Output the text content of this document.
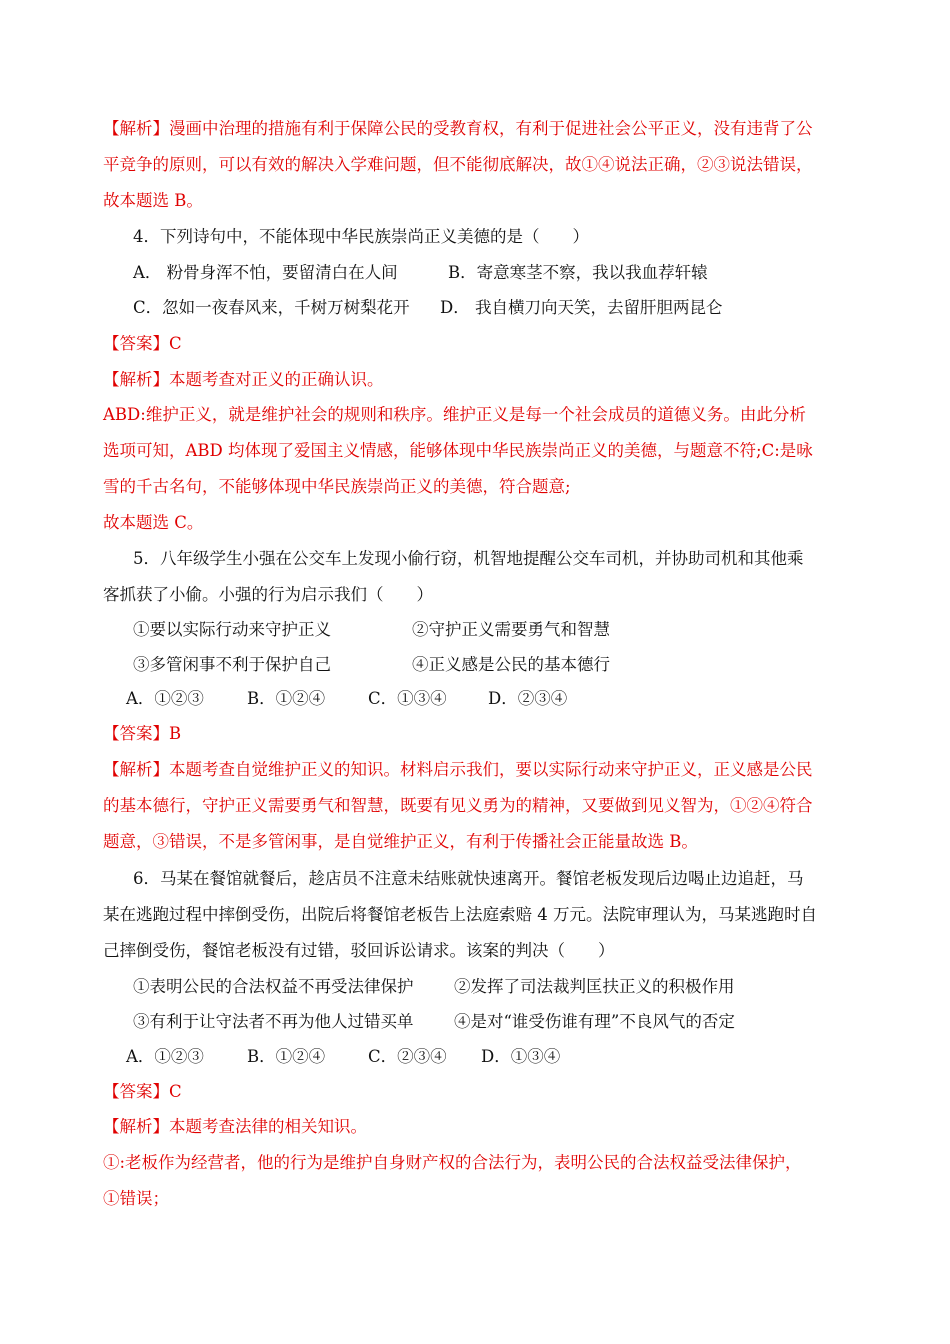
【解析】漫画中治理的措施有利于保障公民的受教育权，有利于促进社会公平正义，没有违背了公
平竞争的原则，可以有效的解决入学难问题，但不能彻底解决，故①④说法正确，②③说法错误，
故本题选 B。
4．下列诗句中，不能体现中华民族崇尚正义美德的是（　　）
A． 粉骨身浑不怕，要留清白在人间	B．寄意寒茎不察，我以我血荐轩辕
C．忽如一夜春风来，千树万树梨花开 D． 我自横刀向天笑，去留肝胆两昆仑
【答案】C
【解析】本题考查对正义的正确认识。
ABD:维护正义，就是维护社会的规则和秩序。维护正义是每一个社会成员的道德义务。由此分析
选项可知，ABD 均体现了爱国主义情感，能够体现中华民族崇尚正义的美德，与题意不符;C:是咏
雪的千古名句，不能够体现中华民族崇尚正义的美德，符合题意;
故本题选 C。
5．八年级学生小强在公交车上发现小偷行窃，机智地提醒公交车司机，并协助司机和其他乘
客抓获了小偷。小强的行为启示我们（　　）
①要以实际行动来守护正义	②守护正义需要勇气和智慧
③多管闲事不利于保护自己	④正义感是公民的基本德行
A．①②③	B．①②④	C．①③④	D．②③④
【答案】B
【解析】本题考查自觉维护正义的知识。材料启示我们，要以实际行动来守护正义，正义感是公民
的基本德行，守护正义需要勇气和智慧，既要有见义勇为的精神，又要做到见义智为，①②④符合
题意，③错误，不是多管闲事，是自觉维护正义，有利于传播社会正能量故选 B。
6．马某在餐馆就餐后，趁店员不注意未结账就快速离开。餐馆老板发现后边喝止边追赶，马
某在逃跑过程中摔倒受伤，出院后将餐馆老板告上法庭索赔 4 万元。法院审理认为，马某逃跑时自
己摔倒受伤，餐馆老板没有过错，驳回诉讼请求。该案的判决（　　）
①表明公民的合法权益不再受法律保护 ②发挥了司法裁判匡扶正义的积极作用
③有利于让守法者不再为他人过错买单 ④是对“谁受伤谁有理”不良风气的否定
A．①②③	B．①②④	C．②③④ D．①③④
【答案】C
【解析】本题考查法律的相关知识。
①:老板作为经营者，他的行为是维护自身财产权的合法行为，表明公民的合法权益受法律保护，
①错误；
